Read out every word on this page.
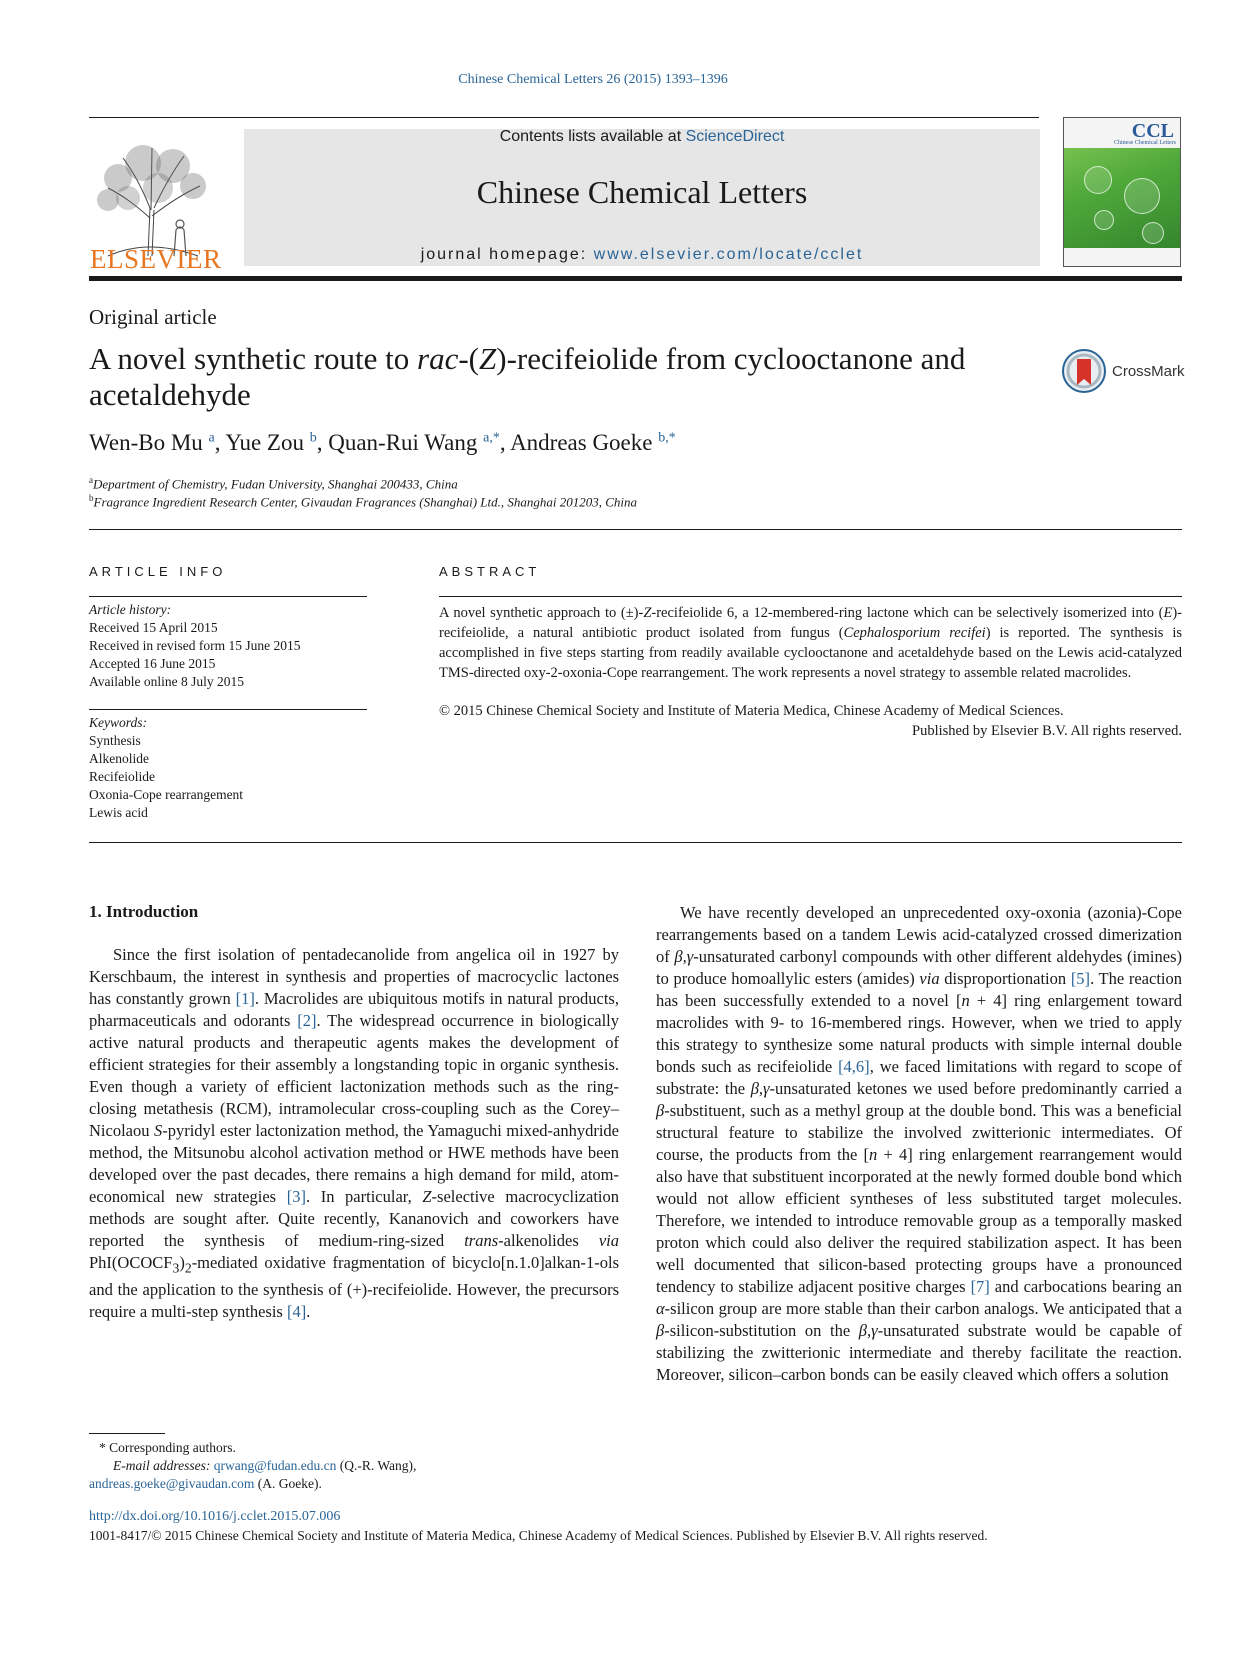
Chinese Chemical Letters 26 (2015) 1393–1396
ELSEVIER
Contents lists available at ScienceDirect
Chinese Chemical Letters
journal homepage: www.elsevier.com/locate/cclet
CCL
Chinese Chemical Letters
Original article
A novel synthetic route to rac-(Z)-recifeiolide from cyclooctanone and acetaldehyde
CrossMark
Wen-Bo Mu $^a$, Yue Zou $^b$, Quan-Rui Wang $^{a,*}$, Andreas Goeke $^{b,*}$
$^a$Department of Chemistry, Fudan University, Shanghai 200433, China
$^b$Fragrance Ingredient Research Center, Givaudan Fragrances (Shanghai) Ltd., Shanghai 201203, China
ARTICLE INFO
Article history:
Received 15 April 2015
Received in revised form 15 June 2015
Accepted 16 June 2015
Available online 8 July 2015
Keywords:
Synthesis
Alkenolide
Recifeiolide
Oxonia-Cope rearrangement
Lewis acid
ABSTRACT
A novel synthetic approach to (±)-Z-recifeiolide 6, a 12-membered-ring lactone which can be selectively isomerized into (E)-recifeiolide, a natural antibiotic product isolated from fungus (Cephalosporium recifei) is reported. The synthesis is accomplished in five steps starting from readily available cyclooctanone and acetaldehyde based on the Lewis acid-catalyzed TMS-directed oxy-2-oxonia-Cope rearrangement. The work represents a novel strategy to assemble related macrolides.
© 2015 Chinese Chemical Society and Institute of Materia Medica, Chinese Academy of Medical Sciences.
Published by Elsevier B.V. All rights reserved.
1. Introduction

Since the first isolation of pentadecanolide from angelica oil in 1927 by Kerschbaum, the interest in synthesis and properties of macrocyclic lactones has constantly grown [1]. Macrolides are ubiquitous motifs in natural products, pharmaceuticals and odorants [2]. The widespread occurrence in biologically active natural products and therapeutic agents makes the development of efficient strategies for their assembly a longstanding topic in organic synthesis. Even though a variety of efficient lactonization methods such as the ring-closing metathesis (RCM), intramolecular cross-coupling such as the Corey–Nicolaou S-pyridyl ester lactonization method, the Yamaguchi mixed-anhydride method, the Mitsunobu alcohol activation method or HWE methods have been developed over the past decades, there remains a high demand for mild, atom-economical new strategies [3]. In particular, Z-selective macrocyclization methods are sought after. Quite recently, Kananovich and coworkers have reported the synthesis of medium-ring-sized trans-alkenolides via $PhI(OCOCF_3)_2$-mediated oxidative fragmentation of bicyclo[n.1.0]alkan-1-ols and the application to the synthesis of (+)-recifeiolide. However, the precursors require a multi-step synthesis [4].

We have recently developed an unprecedented oxy-oxonia (azonia)-Cope rearrangements based on a tandem Lewis acid-catalyzed crossed dimerization of β,γ-unsaturated carbonyl compounds with other different aldehydes (imines) to produce homoallylic esters (amides) via disproportionation [5]. The reaction has been successfully extended to a novel [n + 4] ring enlargement toward macrolides with 9- to 16-membered rings. However, when we tried to apply this strategy to synthesize some natural products with simple internal double bonds such as recifeiolide [4,6], we faced limitations with regard to scope of substrate: the β,γ-unsaturated ketones we used before predominantly carried a β-substituent, such as a methyl group at the double bond. This was a beneficial structural feature to stabilize the involved zwitterionic intermediates. Of course, the products from the [n + 4] ring enlargement rearrangement would also have that substituent incorporated at the newly formed double bond which would not allow efficient syntheses of less substituted target molecules. Therefore, we intended to introduce removable group as a temporally masked proton which could also deliver the required stabilization aspect. It has been well documented that silicon-based protecting groups have a pronounced tendency to stabilize adjacent positive charges [7] and carbocations bearing an α-silicon group are more stable than their carbon analogs. We anticipated that a β-silicon-substitution on the β,γ-unsaturated substrate would be capable of stabilizing the zwitterionic intermediate and thereby facilitate the reaction. Moreover, silicon–carbon bonds can be easily cleaved which offers a solution

* Corresponding authors.
E-mail addresses: qrwang@fudan.edu.cn (Q.-R. Wang),
andreas.goeke@givaudan.com (A. Goeke).
http://dx.doi.org/10.1016/j.cclet.2015.07.006
1001-8417/© 2015 Chinese Chemical Society and Institute of Materia Medica, Chinese Academy of Medical Sciences. Published by Elsevier B.V. All rights reserved.
